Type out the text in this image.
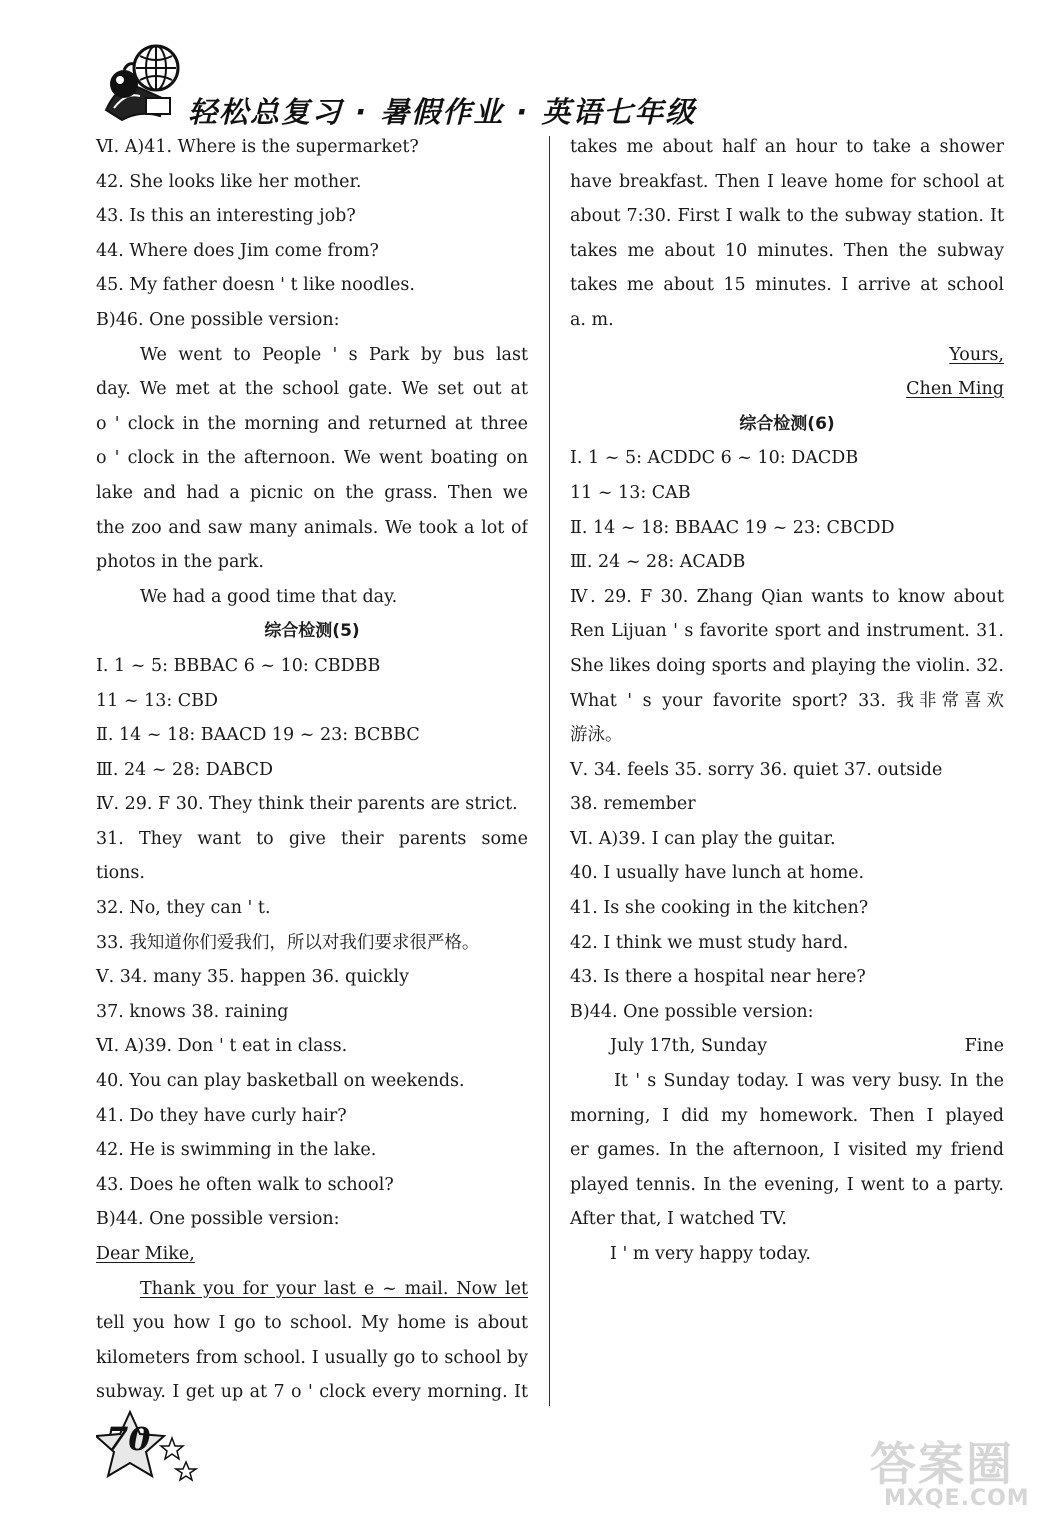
轻松总复习 · 暑假作业 · 英语七年级
Ⅵ. A)41. Where is the supermarket?
42. She looks like her mother.
43. Is this an interesting job?
44. Where does Jim come from?
45. My father doesn ' t like noodles.
B)46. One possible version:
We went to People ' s Park by bus last
day. We met at the school gate. We set out at
o ' clock in the morning and returned at three
o ' clock in the afternoon. We went boating on
lake and had a picnic on the grass. Then we
the zoo and saw many animals. We took a lot of
photos in the park.
We had a good time that day.
综合检测(5)
Ⅰ. 1 ~ 5: BBBAC 6 ~ 10: CBDBB
11 ~ 13: CBD
Ⅱ. 14 ~ 18: BAACD 19 ~ 23: BCBBC
Ⅲ. 24 ~ 28: DABCD
Ⅳ. 29. F 30. They think their parents are strict.
31. They want to give their parents some
tions.
32. No, they can ' t.
33. 我知道你们爱我们，所以对我们要求很严格。
Ⅴ. 34. many 35. happen 36. quickly
37. knows 38. raining
Ⅵ. A)39. Don ' t eat in class.
40. You can play basketball on weekends.
41. Do they have curly hair?
42. He is swimming in the lake.
43. Does he often walk to school?
B)44. One possible version:
Dear Mike,
Thank you for your last e ~ mail. Now let
tell you how I go to school. My home is about
kilometers from school. I usually go to school by
subway. I get up at 7 o ' clock every morning. It
takes me about half an hour to take a shower
have breakfast. Then I leave home for school at
about 7:30. First I walk to the subway station. It
takes me about 10 minutes. Then the subway
takes me about 15 minutes. I arrive at school
a. m.
Yours,
Chen Ming
综合检测(6)
Ⅰ. 1 ~ 5: ACDDC 6 ~ 10: DACDB
11 ~ 13: CAB
Ⅱ. 14 ~ 18: BBAAC 19 ~ 23: CBCDD
Ⅲ. 24 ~ 28: ACADB
Ⅳ. 29. F 30. Zhang Qian wants to know about
Ren Lijuan ' s favorite sport and instrument. 31.
She likes doing sports and playing the violin. 32.
What ' s your favorite sport? 33. 我非常喜欢
游泳。
Ⅴ. 34. feels 35. sorry 36. quiet 37. outside
38. remember
Ⅵ. A)39. I can play the guitar.
40. I usually have lunch at home.
41. Is she cooking in the kitchen?
42. I think we must study hard.
43. Is there a hospital near here?
B)44. One possible version:
July 17th, Sunday	Fine
It ' s Sunday today. I was very busy. In the
morning, I did my homework. Then I played
er games. In the afternoon, I visited my friend
played tennis. In the evening, I went to a party.
After that, I watched TV.
I ' m very happy today.
70	答案圈
MXQE.COM
